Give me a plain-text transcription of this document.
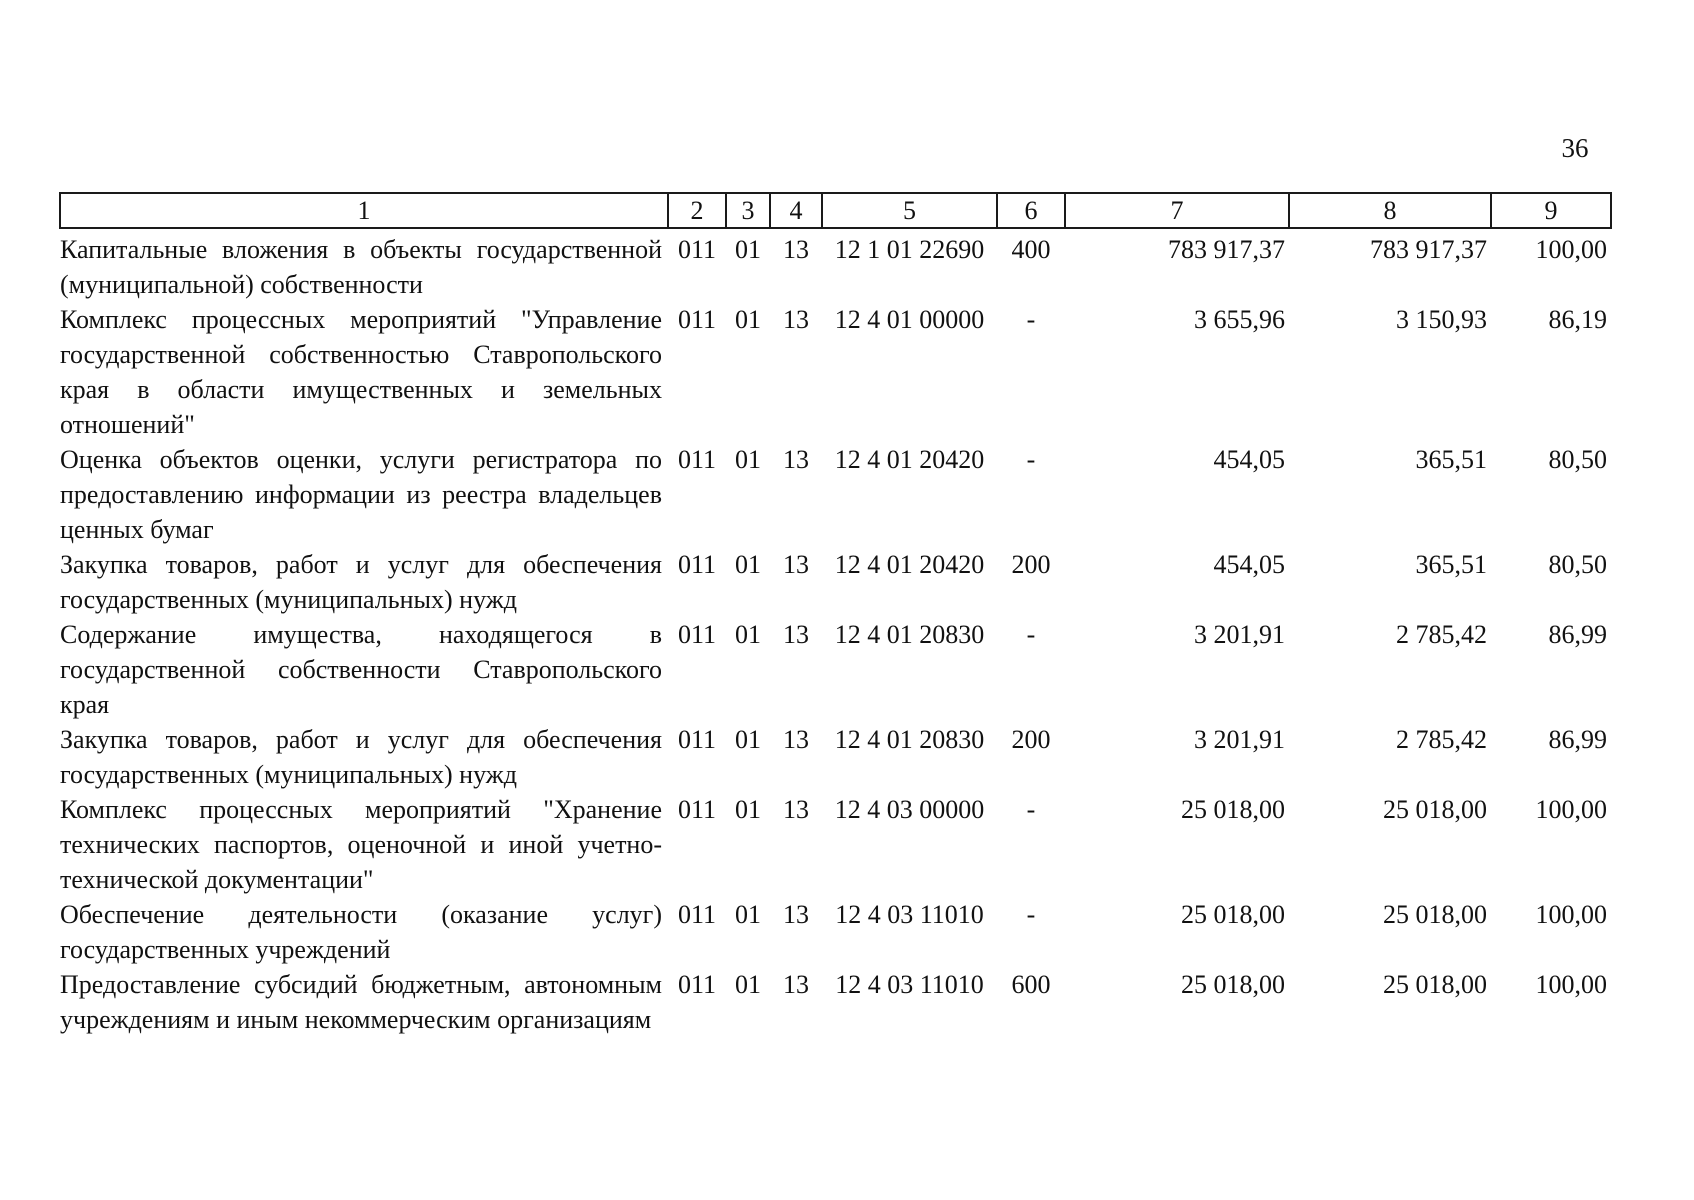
36
1	2	3	4	5	6	7	8	9
Капитальные вложения в объекты государственной (муниципальной) собственности	011	01	13	12 1 01 22690	400	783 917,37	783 917,37	100,00
Комплекс процессных мероприятий "Управление государственной собственностью Ставропольского края в области имущественных и земельных отношений"	011	01	13	12 4 01 00000	-	3 655,96	3 150,93	86,19
Оценка объектов оценки, услуги регистратора по предоставлению информации из реестра владельцев ценных бумаг	011	01	13	12 4 01 20420	-	454,05	365,51	80,50
Закупка товаров, работ и услуг для обеспечения государственных (муниципальных) нужд	011	01	13	12 4 01 20420	200	454,05	365,51	80,50
Содержание имущества, находящегося в государственной собственности Ставропольского края	011	01	13	12 4 01 20830	-	3 201,91	2 785,42	86,99
Закупка товаров, работ и услуг для обеспечения государственных (муниципальных) нужд	011	01	13	12 4 01 20830	200	3 201,91	2 785,42	86,99
Комплекс процессных мероприятий "Хранение технических паспортов, оценочной и иной учетно-технической документации"	011	01	13	12 4 03 00000	-	25 018,00	25 018,00	100,00
Обеспечение деятельности (оказание услуг) государственных учреждений	011	01	13	12 4 03 11010	-	25 018,00	25 018,00	100,00
Предоставление субсидий бюджетным, автономным учреждениям и иным некоммерческим организациям	011	01	13	12 4 03 11010	600	25 018,00	25 018,00	100,00
